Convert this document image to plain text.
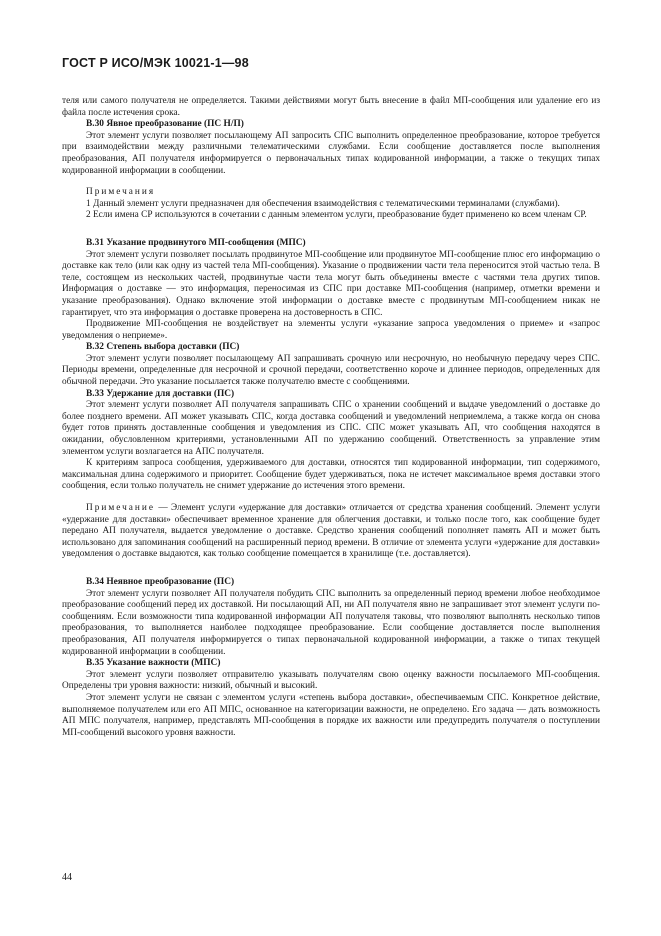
ГОСТ Р ИСО/МЭК 10021-1—98

теля или самого получателя не определяется. Такими действиями могут быть внесение в файл МП-сообщения или удаление его из файла после истечения срока.

В.30 Явное преобразование (ПС Н/П)

Этот элемент услуги позволяет посылающему АП запросить СПС выполнить определенное преобразование, которое требуется при взаимодействии между различными телематическими службами. Если сообщение доставляется после выполнения преобразования, АП получателя информируется о первоначальных типах кодированной информации, а также о текущих типах кодированной информации в сообщении.

Примечания

1 Данный элемент услуги предназначен для обеспечения взаимодействия с телематическими терминалами (службами).

2 Если имена СР используются в сочетании с данным элементом услуги, преобразование будет применено ко всем членам СР.

В.31 Указание продвинутого МП-сообщения (МПС)

Этот элемент услуги позволяет посылать продвинутое МП-сообщение или продвинутое МП-сообщение плюс его информацию о доставке как тело (или как одну из частей тела МП-сообщения). Указание о продвижении части тела переносится этой частью тела. В теле, состоящем из нескольких частей, продвинутые части тела могут быть объединены вместе с частями тела других типов. Информация о доставке — это информация, переносимая из СПС при доставке МП-сообщения (например, отметки времени и указание преобразования). Однако включение этой информации о доставке вместе с продвинутым МП-сообщением никак не гарантирует, что эта информация о доставке проверена на достоверность в СПС.

Продвижение МП-сообщения не воздействует на элементы услуги «указание запроса уведомления о приеме» и «запрос уведомления о неприеме».

В.32 Степень выбора доставки (ПС)

Этот элемент услуги позволяет посылающему АП запрашивать срочную или несрочную, но необычную передачу через СПС. Периоды времени, определенные для несрочной и срочной передачи, соответственно короче и длиннее периодов, определенных для обычной передачи. Это указание посылается также получателю вместе с сообщениями.

В.33 Удержание для доставки (ПС)

Этот элемент услуги позволяет АП получателя запрашивать СПС о хранении сообщений и выдаче уведомлений о доставке до более позднего времени. АП может указывать СПС, когда доставка сообщений и уведомлений неприемлема, а также когда он снова будет готов принять доставленные сообщения и уведомления из СПС. СПС может указывать АП, что сообщения находятся в ожидании, обусловленном критериями, установленными АП по удержанию сообщений. Ответственность за управление этим элементом услуги возлагается на АПС получателя.

К критериям запроса сообщения, удерживаемого для доставки, относятся тип кодированной информации, тип содержимого, максимальная длина содержимого и приоритет. Сообщение будет удерживаться, пока не истечет максимальное время доставки этого сообщения, если только получатель не снимет удержание до истечения этого времени.

Примечание — Элемент услуги «удержание для доставки» отличается от средства хранения сообщений. Элемент услуги «удержание для доставки» обеспечивает временное хранение для облегчения доставки, и только после того, как сообщение будет передано АП получателя, выдается уведомление о доставке. Средство хранения сообщений пополняет память АП и может быть использовано для запоминания сообщений на расширенный период времени. В отличие от элемента услуги «удержание для доставки» уведомления о доставке выдаются, как только сообщение помещается в хранилище (т.е. доставляется).

В.34 Неявное преобразование (ПС)

Этот элемент услуги позволяет АП получателя побудить СПС выполнить за определенный период времени любое необходимое преобразование сообщений перед их доставкой. Ни посылающий АП, ни АП получателя явно не запрашивает этот элемент услуги по-сообщениям. Если возможности типа кодированной информации АП получателя таковы, что позволяют выполнять несколько типов преобразования, то выполняется наиболее подходящее преобразование. Если сообщение доставляется после выполнения преобразования, АП получателя информируется о типах первоначальной кодированной информации, а также о типах текущей кодированной информации в сообщении.

В.35 Указание важности (МПС)

Этот элемент услуги позволяет отправителю указывать получателям свою оценку важности посылаемого МП-сообщения. Определены три уровня важности: низкий, обычный и высокий.

Этот элемент услуги не связан с элементом услуги «степень выбора доставки», обеспечиваемым СПС. Конкретное действие, выполняемое получателем или его АП МПС, основанное на категоризации важности, не определено. Его задача — дать возможность АП МПС получателя, например, представлять МП-сообщения в порядке их важности или предупредить получателя о поступлении МП-сообщений высокого уровня важности.

44
